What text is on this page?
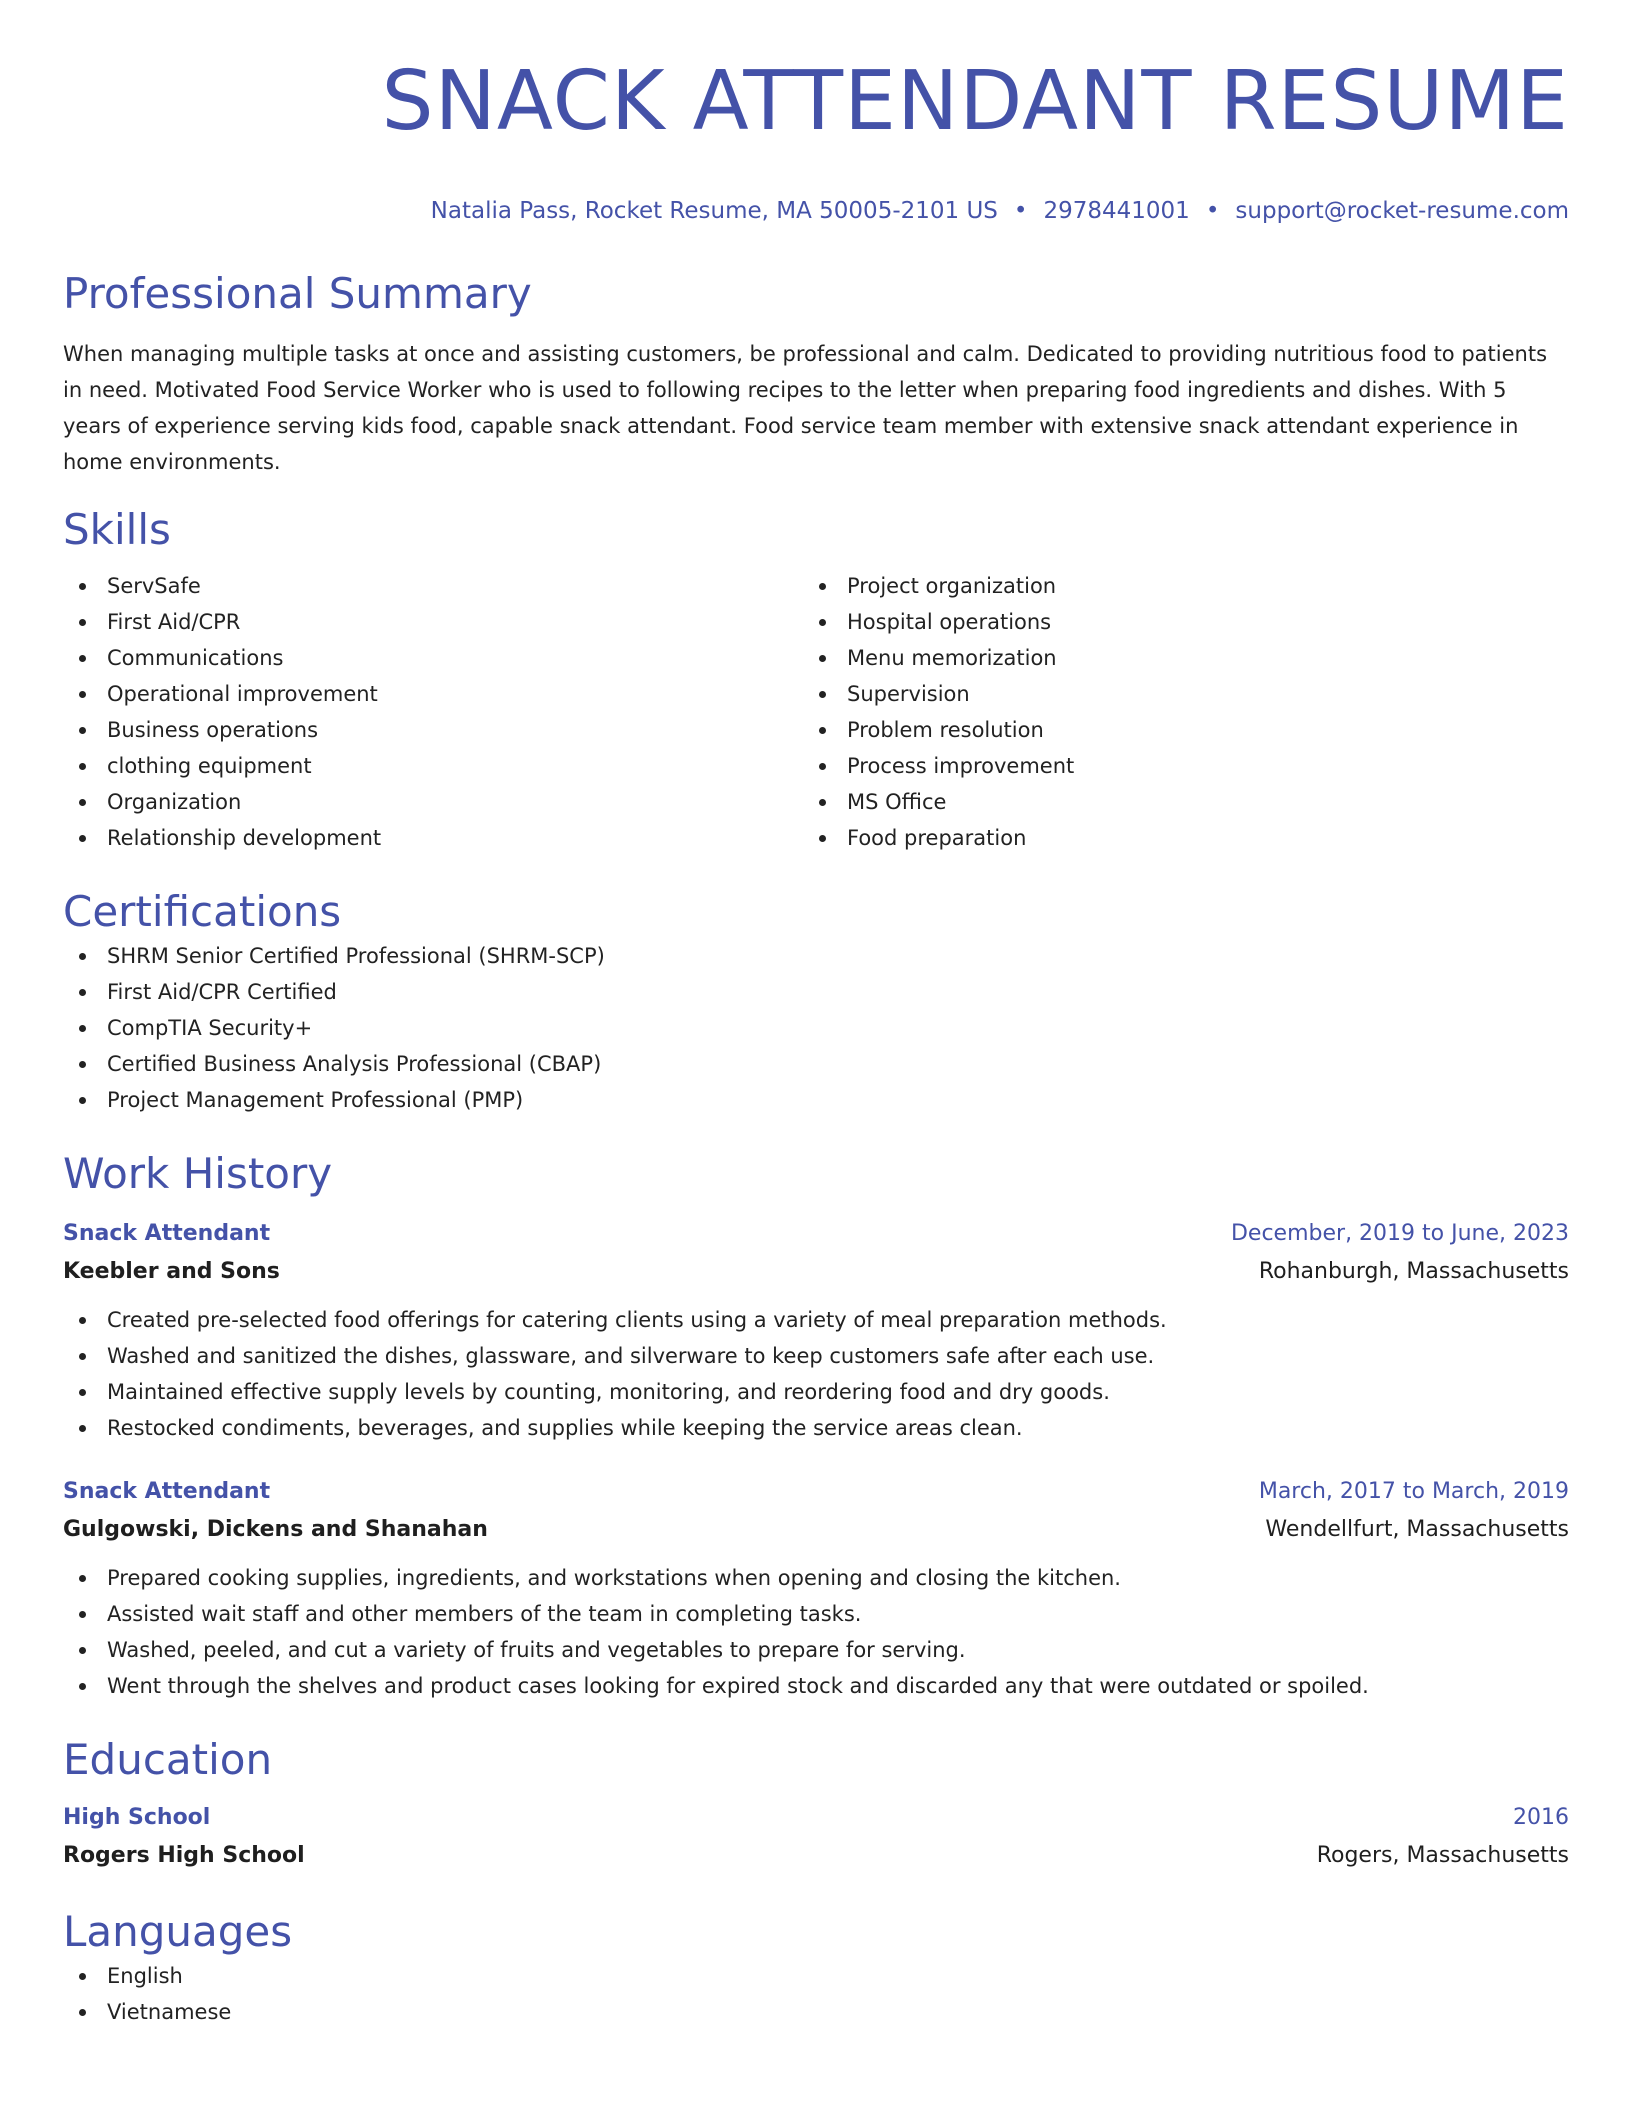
SNACK ATTENDANT RESUME
Natalia Pass, Rocket Resume, MA 50005-2101 US • 2978441001 • support@rocket-resume.com
Professional Summary
When managing multiple tasks at once and assisting customers, be professional and calm. Dedicated to providing nutritious food to patients in need. Motivated Food Service Worker who is used to following recipes to the letter when preparing food ingredients and dishes. With 5 years of experience serving kids food, capable snack attendant. Food service team member with extensive snack attendant experience in home environments.
Skills
ServSafe
First Aid/CPR
Communications
Operational improvement
Business operations
clothing equipment
Organization
Relationship development
Project organization
Hospital operations
Menu memorization
Supervision
Problem resolution
Process improvement
MS Office
Food preparation
Certifications
SHRM Senior Certified Professional (SHRM-SCP)
First Aid/CPR Certified
CompTIA Security+
Certified Business Analysis Professional (CBAP)
Project Management Professional (PMP)
Work History
Snack Attendant	December, 2019 to June, 2023
Keebler and Sons	Rohanburgh, Massachusetts
Created pre-selected food offerings for catering clients using a variety of meal preparation methods.
Washed and sanitized the dishes, glassware, and silverware to keep customers safe after each use.
Maintained effective supply levels by counting, monitoring, and reordering food and dry goods.
Restocked condiments, beverages, and supplies while keeping the service areas clean.
Snack Attendant	March, 2017 to March, 2019
Gulgowski, Dickens and Shanahan	Wendellfurt, Massachusetts
Prepared cooking supplies, ingredients, and workstations when opening and closing the kitchen.
Assisted wait staff and other members of the team in completing tasks.
Washed, peeled, and cut a variety of fruits and vegetables to prepare for serving.
Went through the shelves and product cases looking for expired stock and discarded any that were outdated or spoiled.
Education
High School	2016
Rogers High School	Rogers, Massachusetts
Languages
English
Vietnamese
